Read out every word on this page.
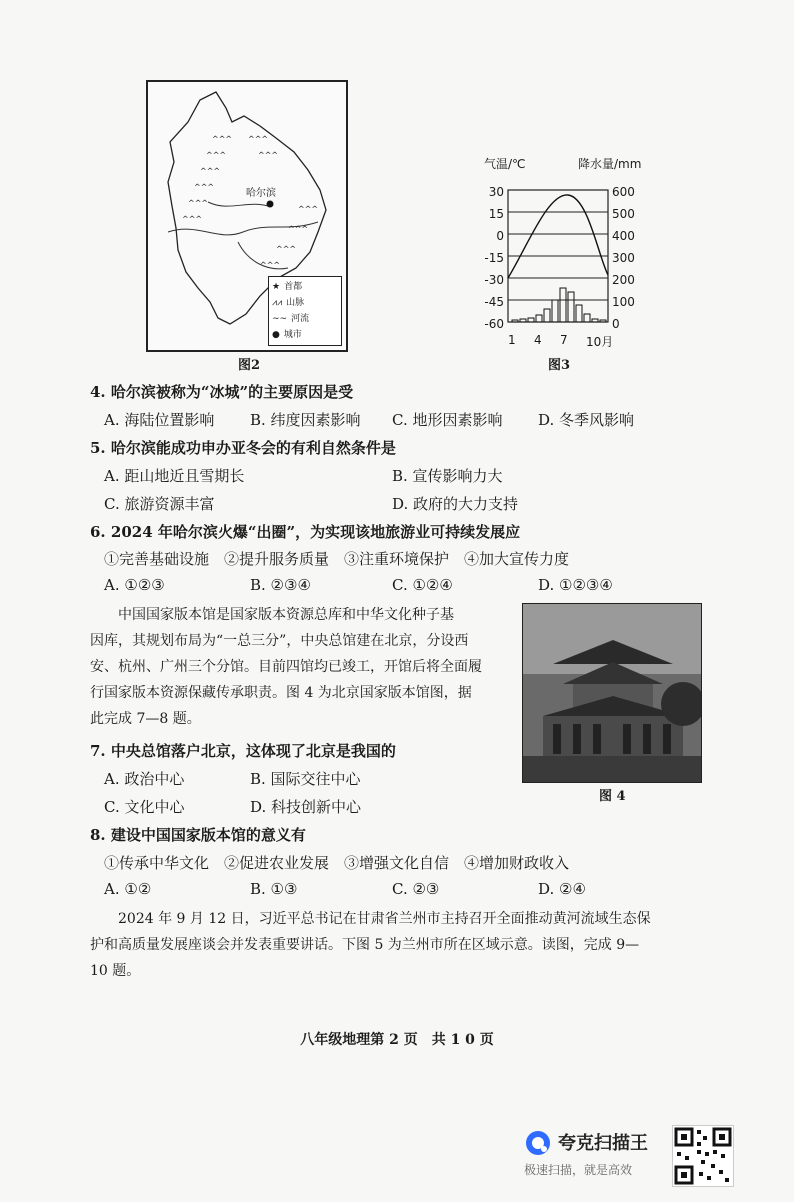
^^^
^^^
^^^
^^^
^^^
^^^
^^^
^^^
^^^
^^^
^^^
^^^
哈尔滨
★ 首都
⩘⩘ 山脉
∼∼ 河流
● 城市
图2
气温/℃	降水量/mm
30
15
0
-15
-30
-45
-60
600
500
400
300
200
100
0
1 4 7 10月
图3
4. 哈尔滨被称为“冰城”的主要原因是受
A. 海陆位置影响 B. 纬度因素影响 C. 地形因素影响 D. 冬季风影响
5. 哈尔滨能成功申办亚冬会的有利自然条件是
A. 距山地近且雪期长	B. 宣传影响力大
C. 旅游资源丰富	D. 政府的大力支持
6. 2024 年哈尔滨火爆“出圈”，为实现该地旅游业可持续发展应
①完善基础设施　②提升服务质量　③注重环境保护　④加大宣传力度
A. ①②③	B. ②③④	C. ①②④	D. ①②③④
中国国家版本馆是国家版本资源总库和中华文化种子基
因库，其规划布局为“一总三分”，中央总馆建在北京，分设西
安、杭州、广州三个分馆。目前四馆均已竣工，开馆后将全面履
行国家版本资源保藏传承职责。图 4 为北京国家版本馆图，据
此完成 7—8 题。
图 4
7. 中央总馆落户北京，这体现了北京是我国的
A. 政治中心	B. 国际交往中心
C. 文化中心	D. 科技创新中心
8. 建设中国国家版本馆的意义有
①传承中华文化　②促进农业发展　③增强文化自信　④增加财政收入
A. ①②	B. ①③	C. ②③	D. ②④
2024 年 9 月 12 日，习近平总书记在甘肃省兰州市主持召开全面推动黄河流域生态保
护和高质量发展座谈会并发表重要讲话。下图 5 为兰州市所在区域示意。读图，完成 9—
10 题。
八年级地理第 2 页　共 1 0 页
夸克扫描王
极速扫描，就是高效
